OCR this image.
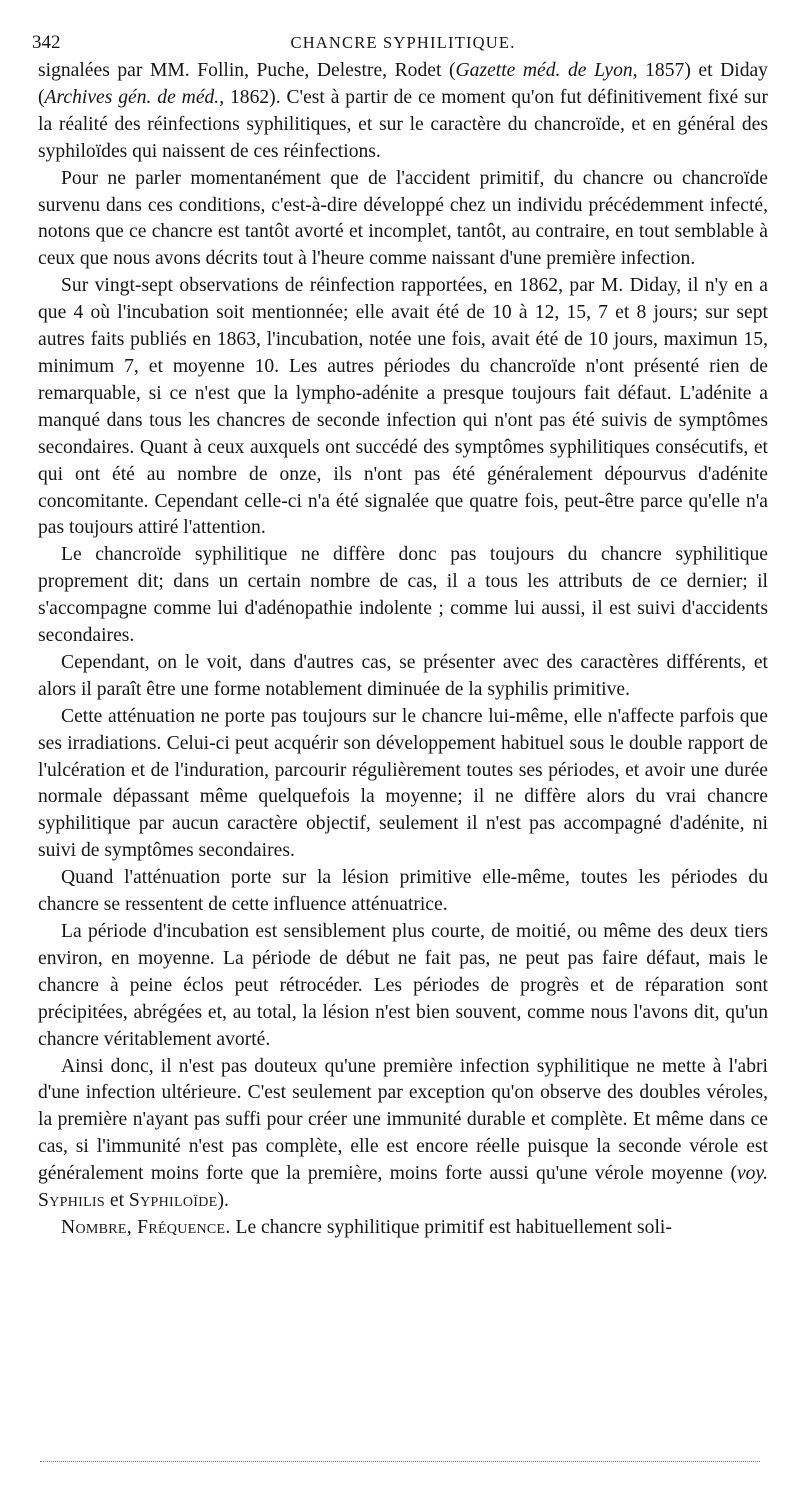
342	CHANCRE SYPHILITIQUE.

signalées par MM. Follin, Puche, Delestre, Rodet (Gazette méd. de Lyon, 1857) et Diday (Archives gén. de méd., 1862). C'est à partir de ce moment qu'on fut définitivement fixé sur la réalité des réinfections syphilitiques, et sur le caractère du chancroïde, et en général des syphiloïdes qui naissent de ces réinfections.

Pour ne parler momentanément que de l'accident primitif, du chancre ou chancroïde survenu dans ces conditions, c'est-à-dire développé chez un individu précédemment infecté, notons que ce chancre est tantôt avorté et incomplet, tantôt, au contraire, en tout semblable à ceux que nous avons décrits tout à l'heure comme naissant d'une première infection.

Sur vingt-sept observations de réinfection rapportées, en 1862, par M. Diday, il n'y en a que 4 où l'incubation soit mentionnée; elle avait été de 10 à 12, 15, 7 et 8 jours; sur sept autres faits publiés en 1863, l'incubation, notée une fois, avait été de 10 jours, maximun 15, minimum 7, et moyenne 10. Les autres périodes du chancroïde n'ont présenté rien de remarquable, si ce n'est que la lympho-adénite a presque toujours fait défaut. L'adénite a manqué dans tous les chancres de seconde infection qui n'ont pas été suivis de symptômes secondaires. Quant à ceux auxquels ont succédé des symptômes syphilitiques consécutifs, et qui ont été au nombre de onze, ils n'ont pas été généralement dépourvus d'adénite concomitante. Cependant celle-ci n'a été signalée que quatre fois, peut-être parce qu'elle n'a pas toujours attiré l'attention.

Le chancroïde syphilitique ne diffère donc pas toujours du chancre syphilitique proprement dit; dans un certain nombre de cas, il a tous les attributs de ce dernier; il s'accompagne comme lui d'adénopathie indolente ; comme lui aussi, il est suivi d'accidents secondaires.

Cependant, on le voit, dans d'autres cas, se présenter avec des caractères différents, et alors il paraît être une forme notablement diminuée de la syphilis primitive.

Cette atténuation ne porte pas toujours sur le chancre lui-même, elle n'affecte parfois que ses irradiations. Celui-ci peut acquérir son développement habituel sous le double rapport de l'ulcération et de l'induration, parcourir régulièrement toutes ses périodes, et avoir une durée normale dépassant même quelquefois la moyenne; il ne diffère alors du vrai chancre syphilitique par aucun caractère objectif, seulement il n'est pas accompagné d'adénite, ni suivi de symptômes secondaires.

Quand l'atténuation porte sur la lésion primitive elle-même, toutes les périodes du chancre se ressentent de cette influence atténuatrice.

La période d'incubation est sensiblement plus courte, de moitié, ou même des deux tiers environ, en moyenne. La période de début ne fait pas, ne peut pas faire défaut, mais le chancre à peine éclos peut rétrocéder. Les périodes de progrès et de réparation sont précipitées, abrégées et, au total, la lésion n'est bien souvent, comme nous l'avons dit, qu'un chancre véritablement avorté.

Ainsi donc, il n'est pas douteux qu'une première infection syphilitique ne mette à l'abri d'une infection ultérieure. C'est seulement par exception qu'on observe des doubles véroles, la première n'ayant pas suffi pour créer une immunité durable et complète. Et même dans ce cas, si l'immunité n'est pas complète, elle est encore réelle puisque la seconde vérole est généralement moins forte que la première, moins forte aussi qu'une vérole moyenne (voy. Syphilis et Syphiloïde).

Nombre, Fréquence. Le chancre syphilitique primitif est habituellement soli-
